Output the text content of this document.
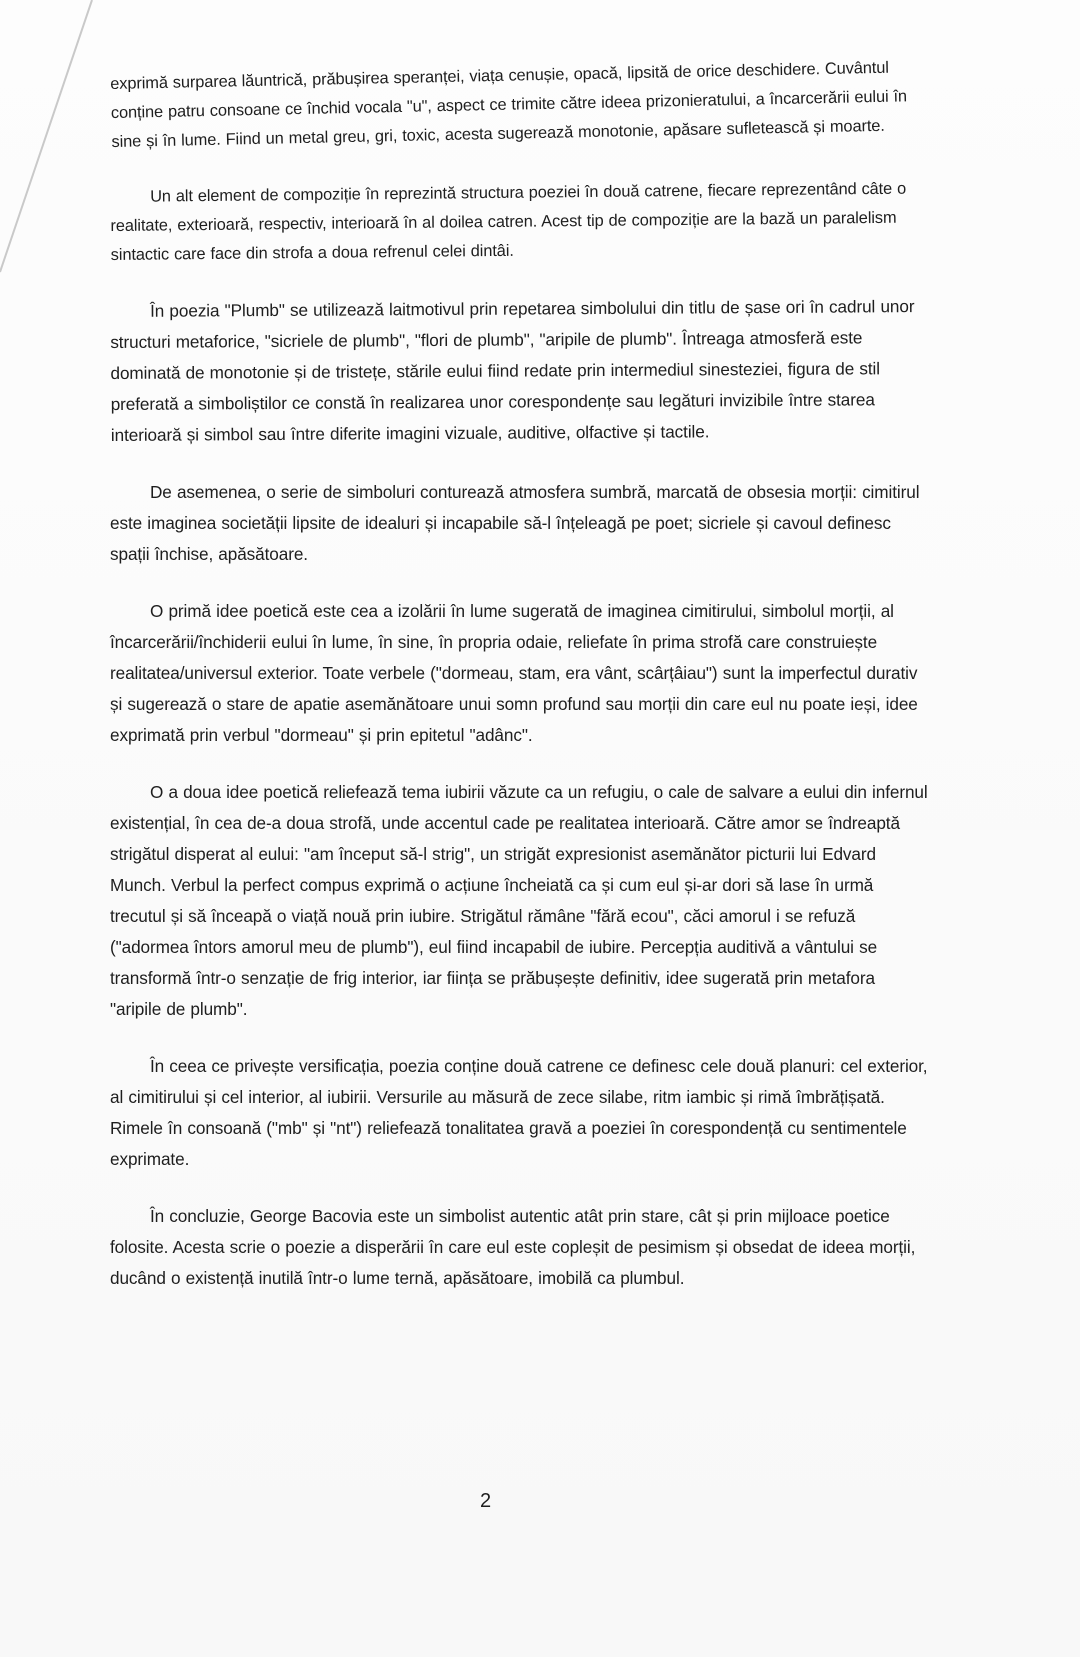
exprimă surparea lăuntrică, prăbușirea speranței, viața cenușie, opacă, lipsită de orice deschidere. Cuvântul conține patru consoane ce închid vocala "u", aspect ce trimite către ideea prizonieratului, a încarcerării eului în sine și în lume. Fiind un metal greu, gri, toxic, acesta sugerează monotonie, apăsare sufletească și moarte.

Un alt element de compoziție în reprezintă structura poeziei în două catrene, fiecare reprezentând câte o realitate, exterioară, respectiv, interioară în al doilea catren. Acest tip de compoziție are la bază un paralelism sintactic care face din strofa a doua refrenul celei dintâi.

În poezia "Plumb" se utilizează laitmotivul prin repetarea simbolului din titlu de șase ori în cadrul unor structuri metaforice, "sicriele de plumb", "flori de plumb", "aripile de plumb". Întreaga atmosferă este dominată de monotonie și de tristețe, stările eului fiind redate prin intermediul sinesteziei, figura de stil preferată a simboliștilor ce constă în realizarea unor corespondențe sau legături invizibile între starea interioară și simbol sau între diferite imagini vizuale, auditive, olfactive și tactile.

De asemenea, o serie de simboluri conturează atmosfera sumbră, marcată de obsesia morții: cimitirul este imaginea societății lipsite de idealuri și incapabile să-l înțeleagă pe poet; sicriele și cavoul definesc spații închise, apăsătoare.

O primă idee poetică este cea a izolării în lume sugerată de imaginea cimitirului, simbolul morții, al încarcerării/închiderii eului în lume, în sine, în propria odaie, reliefate în prima strofă care construiește realitatea/universul exterior. Toate verbele ("dormeau, stam, era vânt, scârțâiau") sunt la imperfectul durativ și sugerează o stare de apatie asemănătoare unui somn profund sau morții din care eul nu poate ieși, idee exprimată prin verbul "dormeau" și prin epitetul "adânc".

O a doua idee poetică reliefează tema iubirii văzute ca un refugiu, o cale de salvare a eului din infernul existențial, în cea de-a doua strofă, unde accentul cade pe realitatea interioară. Către amor se îndreaptă strigătul disperat al eului: "am început să-l strig", un strigăt expresionist asemănător picturii lui Edvard Munch. Verbul la perfect compus exprimă o acțiune încheiată ca și cum eul și-ar dori să lase în urmă trecutul și să înceapă o viață nouă prin iubire. Strigătul rămâne "fără ecou", căci amorul i se refuză ("adormea întors amorul meu de plumb"), eul fiind incapabil de iubire. Percepția auditivă a vântului se transformă într-o senzație de frig interior, iar ființa se prăbușește definitiv, idee sugerată prin metafora "aripile de plumb".

În ceea ce privește versificația, poezia conține două catrene ce definesc cele două planuri: cel exterior, al cimitirului și cel interior, al iubirii. Versurile au măsură de zece silabe, ritm iambic și rimă îmbrățișată. Rimele în consoană ("mb" și "nt") reliefează tonalitatea gravă a poeziei în corespondență cu sentimentele exprimate.

În concluzie, George Bacovia este un simbolist autentic atât prin stare, cât și prin mijloace poetice folosite. Acesta scrie o poezie a disperării în care eul este copleșit de pesimism și obsedat de ideea morții, ducând o existență inutilă într-o lume ternă, apăsătoare, imobilă ca plumbul.

2
